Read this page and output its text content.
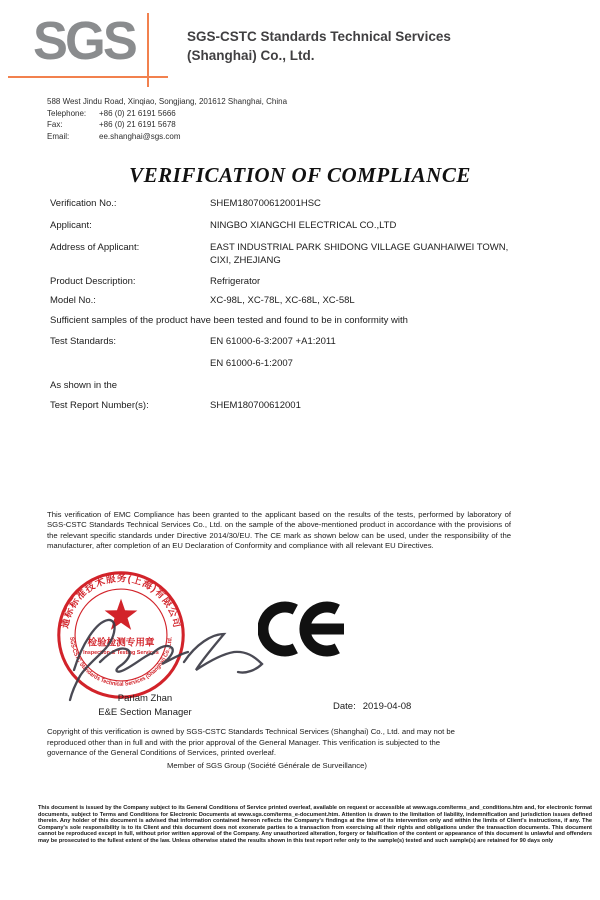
SGS	SGS-CSTC Standards Technical Services
(Shanghai) Co., Ltd.
588 West Jindu Road, Xinqiao, Songjiang, 201612 Shanghai, China
Telephone: +86 (0) 21 6191 5666
Fax:	+86 (0) 21 6191 5678
Email:	ee.shanghai@sgs.com
VERIFICATION OF COMPLIANCE
Verification No.:	SHEM180700612001HSC
Applicant:	NINGBO XIANGCHI ELECTRICAL CO.,LTD
Address of Applicant:	EAST INDUSTRIAL PARK SHIDONG VILLAGE GUANHAIWEI TOWN, CIXI, ZHEJIANG
Product Description:	Refrigerator
Model No.:	XC-98L, XC-78L, XC-68L, XC-58L
Sufficient samples of the product have been tested and found to be in conformity with
Test Standards:	EN 61000-6-3:2007 +A1:2011
EN 61000-6-1:2007
As shown in the
Test Report Number(s):	SHEM180700612001
This verification of EMC Compliance has been granted to the applicant based on the results of the tests, performed by laboratory of SGS-CSTC Standards Technical Services Co., Ltd. on the sample of the above-mentioned product in accordance with the provisions of the relevant specific standards under Directive 2014/30/EU. The CE mark as shown below can be used, under the responsibility of the manufacturer, after completion of an EU Declaration of Conformity and compliance with all relevant EU Directives.
通标标准技术服务(上海)有限公司
检验检测专用章
Inspection & Testing Services
SGS-CSTC Standards Technical Services (Shanghai) Co., Ltd.
Parlam Zhan
E&E Section Manager	Date: 2019-04-08
Copyright of this verification is owned by SGS-CSTC Standards Technical Services (Shanghai) Co., Ltd. and may not be reproduced other than in full and with the prior approval of the General Manager. This verification is subjected to the governance of the General Conditions of Services, printed overleaf.
Member of SGS Group (Société Générale de Surveillance)
This document is issued by the Company subject to its General Conditions of Service printed overleaf, available on request or accessible at www.sgs.com/terms_and_conditions.htm and, for electronic format documents, subject to Terms and Conditions for Electronic Documents at www.sgs.com/terms_e-document.htm. Attention is drawn to the limitation of liability, indemnification and jurisdiction issues defined therein. Any holder of this document is advised that information contained hereon reflects the Company's findings at the time of its intervention only and within the limits of Client's instructions, if any. The Company's sole responsibility is to its Client and this document does not exonerate parties to a transaction from exercising all their rights and obligations under the transaction documents. This document cannot be reproduced except in full, without prior written approval of the Company. Any unauthorized alteration, forgery or falsification of the content or appearance of this document is unlawful and offenders may be prosecuted to the fullest extent of the law. Unless otherwise stated the results shown in this test report refer only to the sample(s) tested and such sample(s) are retained for 90 days only
